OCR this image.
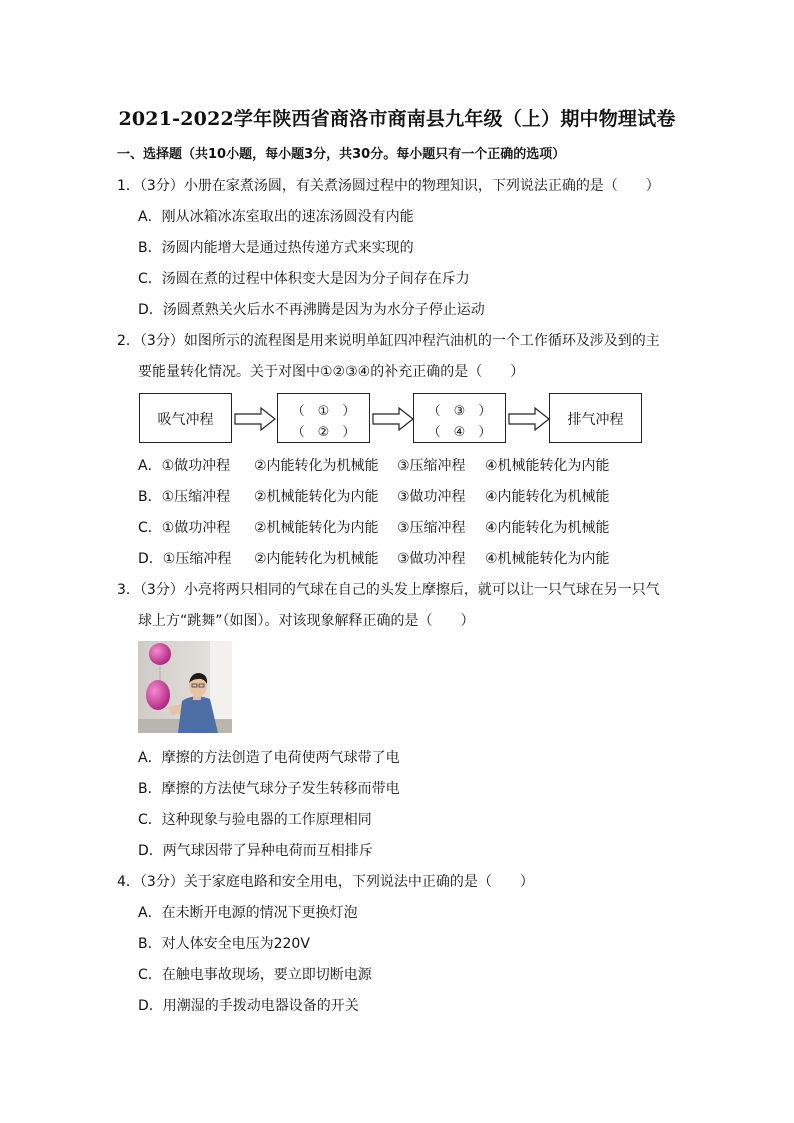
2021-2022学年陕西省商洛市商南县九年级（上）期中物理试卷
一、选择题（共10小题，每小题3分，共30分。每小题只有一个正确的选项）
1．（3分）小册在家煮汤圆，有关煮汤圆过程中的物理知识，下列说法正确的是（　　）
A．刚从冰箱冰冻室取出的速冻汤圆没有内能
B．汤圆内能增大是通过热传递方式来实现的
C．汤圆在煮的过程中体积变大是因为分子间存在斥力
D．汤圆煮熟关火后水不再沸腾是因为为水分子停止运动
2．（3分）如图所示的流程图是用来说明单缸四冲程汽油机的一个工作循环及涉及到的主
要能量转化情况。关于对图中①②③④的补充正确的是（　　）
吸气冲程
（　①　）
（　②　）
（　③　）
（　④　）
排气冲程
A．①做功冲程 ②内能转化为机械能 ③压缩冲程 ④机械能转化为内能
B．①压缩冲程 ②机械能转化为内能 ③做功冲程 ④内能转化为机械能
C．①做功冲程 ②机械能转化为内能 ③压缩冲程 ④内能转化为机械能
D．①压缩冲程 ②内能转化为机械能 ③做功冲程 ④机械能转化为内能
3．（3分）小亮将两只相同的气球在自己的头发上摩擦后，就可以让一只气球在另一只气
球上方“跳舞”（如图）。对该现象解释正确的是（　　）
A．摩擦的方法创造了电荷使两气球带了电
B．摩擦的方法使气球分子发生转移而带电
C．这种现象与验电器的工作原理相同
D．两气球因带了异种电荷而互相排斥
4．（3分）关于家庭电路和安全用电，下列说法中正确的是（　　）
A．在未断开电源的情况下更换灯泡
B．对人体安全电压为220V
C．在触电事故现场，要立即切断电源
D．用潮湿的手拨动电器设备的开关
